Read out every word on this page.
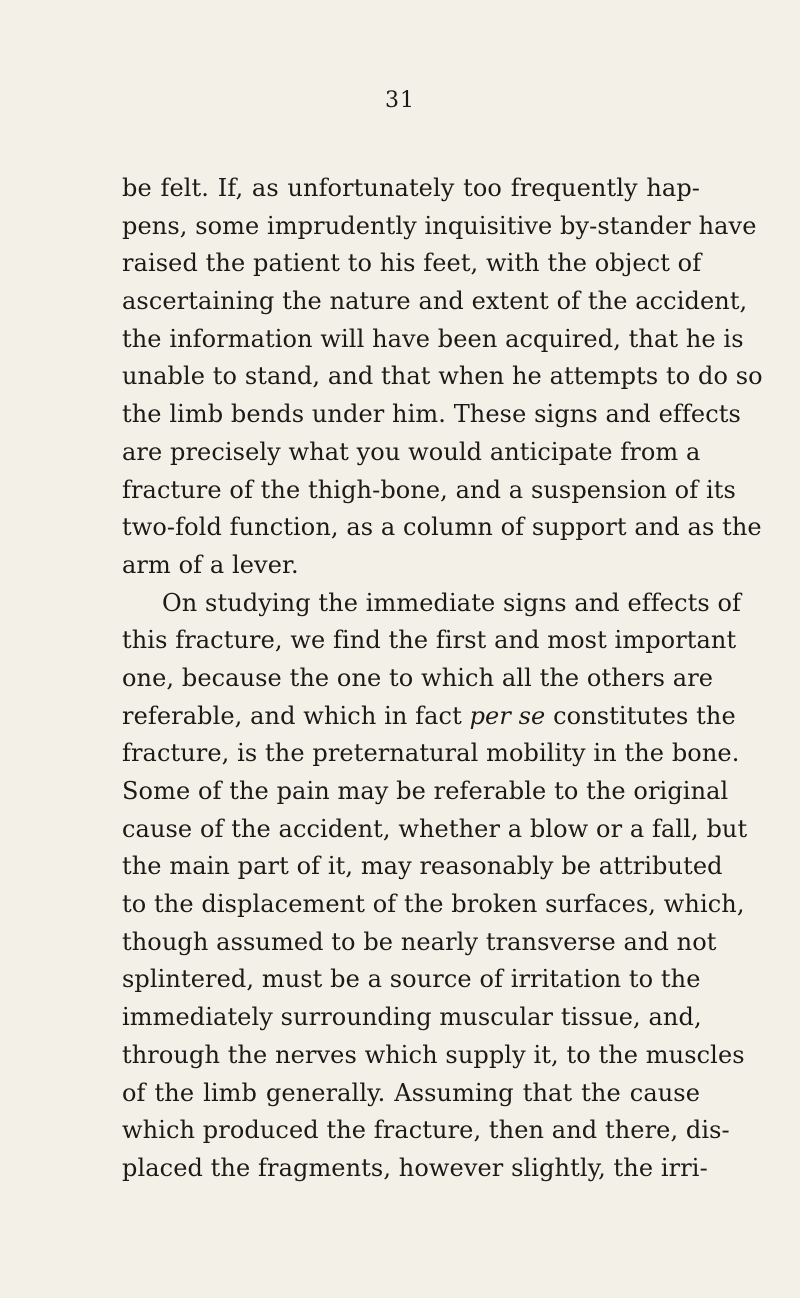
31
be felt. If, as unfortunately too frequently hap-
pens, some imprudently inquisitive by-stander have
raised the patient to his feet, with the object of
ascertaining the nature and extent of the accident,
the information will have been acquired, that he is
unable to stand, and that when he attempts to do so
the limb bends under him. These signs and effects
are precisely what you would anticipate from a
fracture of the thigh-bone, and a suspension of its
two-fold function, as a column of support and as the
arm of a lever.
On studying the immediate signs and effects of
this fracture, we find the first and most important
one, because the one to which all the others are
referable, and which in fact per se constitutes the
fracture, is the preternatural mobility in the bone.
Some of the pain may be referable to the original
cause of the accident, whether a blow or a fall, but
the main part of it, may reasonably be attributed
to the displacement of the broken surfaces, which,
though assumed to be nearly transverse and not
splintered, must be a source of irritation to the
immediately surrounding muscular tissue, and,
through the nerves which supply it, to the muscles
of the limb generally. Assuming that the cause
which produced the fracture, then and there, dis-
placed the fragments, however slightly, the irri-
